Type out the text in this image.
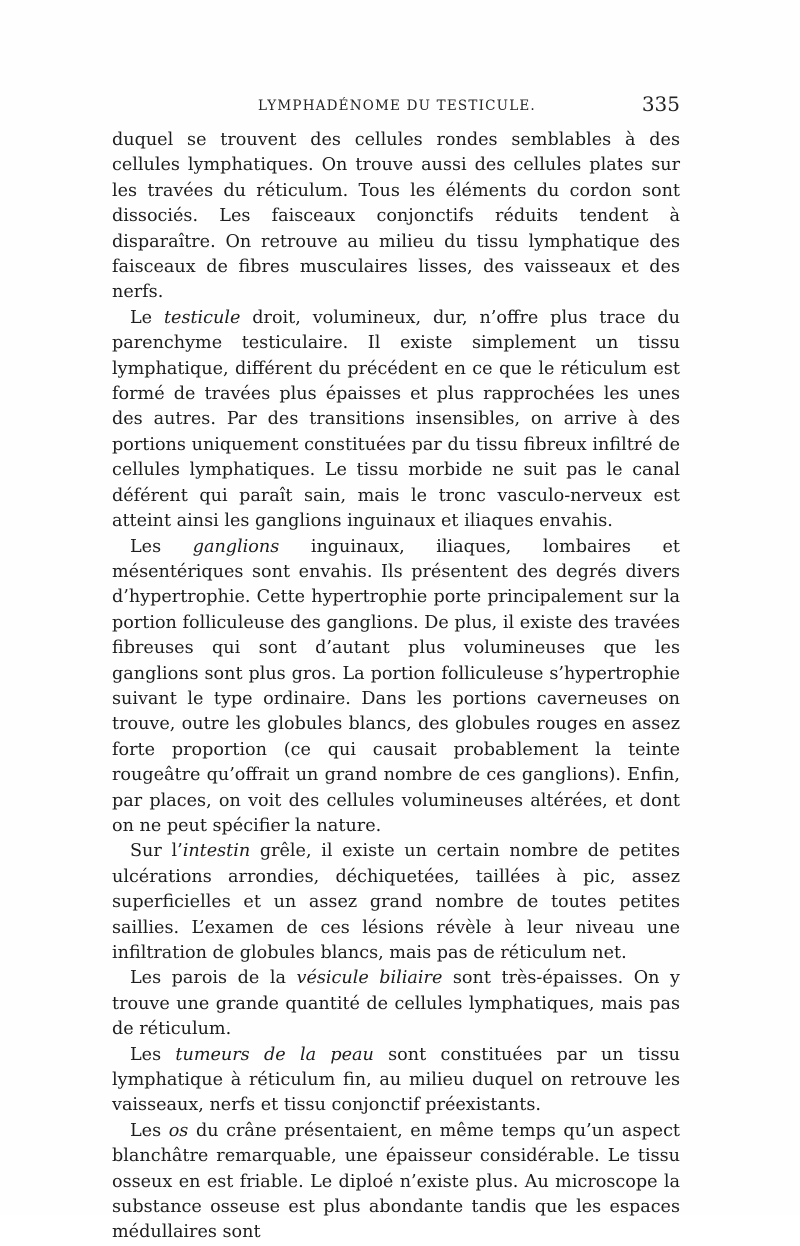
LYMPHADÉNOME DU TESTICULE.	335

duquel se trouvent des cellules rondes semblables à des cellules lymphatiques. On trouve aussi des cellules plates sur les travées du réticulum. Tous les éléments du cordon sont dissociés. Les faisceaux conjonctifs réduits tendent à disparaître. On retrouve au milieu du tissu lymphatique des faisceaux de fibres musculaires lisses, des vaisseaux et des nerfs.

Le testicule droit, volumineux, dur, n’offre plus trace du parenchyme testiculaire. Il existe simplement un tissu lymphatique, différent du précédent en ce que le réticulum est formé de travées plus épaisses et plus rapprochées les unes des autres. Par des transitions insensibles, on arrive à des portions uniquement constituées par du tissu fibreux infiltré de cellules lymphatiques. Le tissu morbide ne suit pas le canal déférent qui paraît sain, mais le tronc vasculo-nerveux est atteint ainsi les ganglions inguinaux et iliaques envahis.

Les ganglions inguinaux, iliaques, lombaires et mésentériques sont envahis. Ils présentent des degrés divers d’hypertrophie. Cette hypertrophie porte principalement sur la portion folliculeuse des ganglions. De plus, il existe des travées fibreuses qui sont d’autant plus volumineuses que les ganglions sont plus gros. La portion folliculeuse s’hypertrophie suivant le type ordinaire. Dans les portions caverneuses on trouve, outre les globules blancs, des globules rouges en assez forte proportion (ce qui causait probablement la teinte rougeâtre qu’offrait un grand nombre de ces ganglions). Enfin, par places, on voit des cellules volumineuses altérées, et dont on ne peut spécifier la nature.

Sur l’intestin grêle, il existe un certain nombre de petites ulcérations arrondies, déchiquetées, taillées à pic, assez superficielles et un assez grand nombre de toutes petites saillies. L’examen de ces lésions révèle à leur niveau une infiltration de globules blancs, mais pas de réticulum net.

Les parois de la vésicule biliaire sont très-épaisses. On y trouve une grande quantité de cellules lymphatiques, mais pas de réticulum.

Les tumeurs de la peau sont constituées par un tissu lymphatique à réticulum fin, au milieu duquel on retrouve les vaisseaux, nerfs et tissu conjonctif préexistants.

Les os du crâne présentaient, en même temps qu’un aspect blanchâtre remarquable, une épaisseur considérable. Le tissu osseux en est friable. Le diploé n’existe plus. Au microscope la substance osseuse est plus abondante tandis que les espaces médullaires sont
